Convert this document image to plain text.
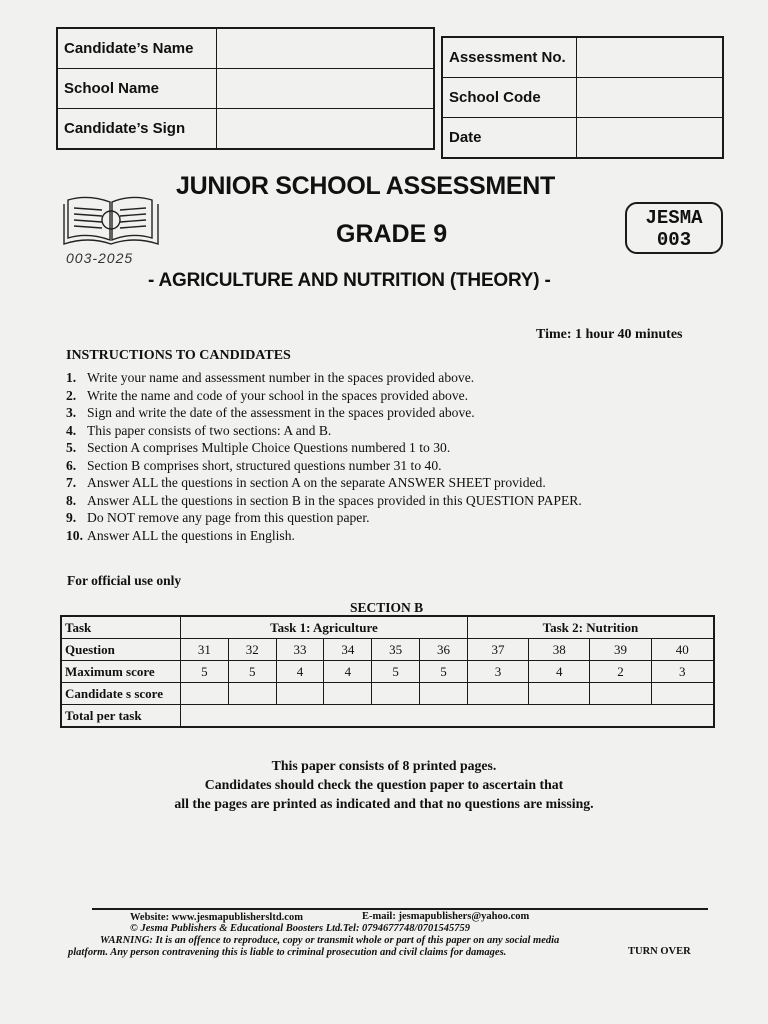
Candidate’s Name	
School Name	
Candidate’s Sign	
Assessment No.	
School Code	
Date	
003-2025
JUNIOR SCHOOL ASSESSMENT
GRADE 9
JESMA
003
- AGRICULTURE AND NUTRITION (THEORY) -
Time: 1 hour 40 minutes
INSTRUCTIONS TO CANDIDATES
1. Write your name and assessment number in the spaces provided above.
2. Write the name and code of your school in the spaces provided above.
3. Sign and write the date of the assessment in the spaces provided above.
4. This paper consists of two sections: A and B.
5. Section A comprises Multiple Choice Questions numbered 1 to 30.
6. Section B comprises short, structured questions number 31 to 40.
7. Answer ALL the questions in section A on the separate ANSWER SHEET provided.
8. Answer ALL the questions in section B in the spaces provided in this QUESTION PAPER.
9. Do NOT remove any page from this question paper.
10. Answer ALL the questions in English.
For official use only
SECTION B
Task	Task 1: Agriculture						Task 2: Nutrition			
Question	31	32	33	34	35	36	37	38	39	40
Maximum score	5	5	4	4	5	5	3	4	2	3
Candidate s score										
Total per task										
This paper consists of 8 printed pages.
Candidates should check the question paper to ascertain that
all the pages are printed as indicated and that no questions are missing.
Website: www.jesmapublishersltd.com	E-mail: jesmapublishers@yahoo.com
© Jesma Publishers & Educational Boosters Ltd.Tel: 0794677748/0701545759
WARNING: It is an offence to reproduce, copy or transmit whole or part of this paper on any social media
platform. Any person contravening this is liable to criminal prosecution and civil claims for damages.	TURN OVER
